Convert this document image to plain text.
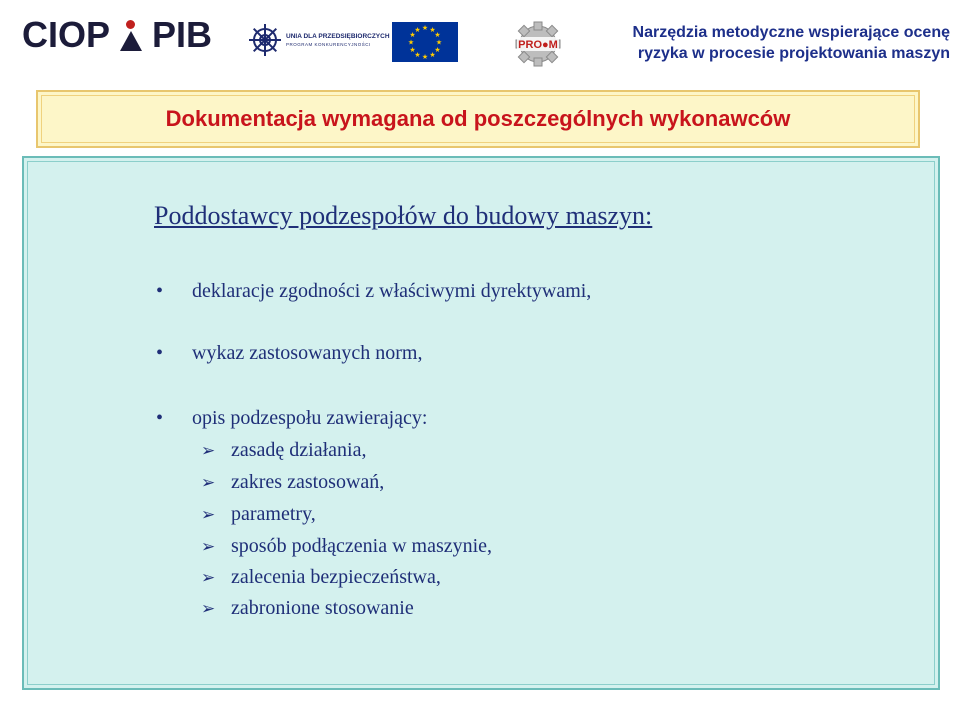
CIOP PIB	UNIA DLA PRZEDSIĘBIORCZYCH
PROGRAM KONKURENCYJNOŚCI
★ ★
★
★
★
★
★
★
★
★
★
★
PRO●M
Narzędzia metodyczne wspierające ocenę
ryzyka w procesie projektowania maszyn
Dokumentacja wymagana od poszczególnych wykonawców
Poddostawcy podzespołów do budowy maszyn:
• deklaracje zgodności z właściwymi dyrektywami,
• wykaz zastosowanych norm,
• opis podzespołu zawierający:
➢ zasadę działania,
➢ zakres zastosowań,
➢ parametry,
➢ sposób podłączenia w maszynie,
➢ zalecenia bezpieczeństwa,
➢ zabronione stosowanie
